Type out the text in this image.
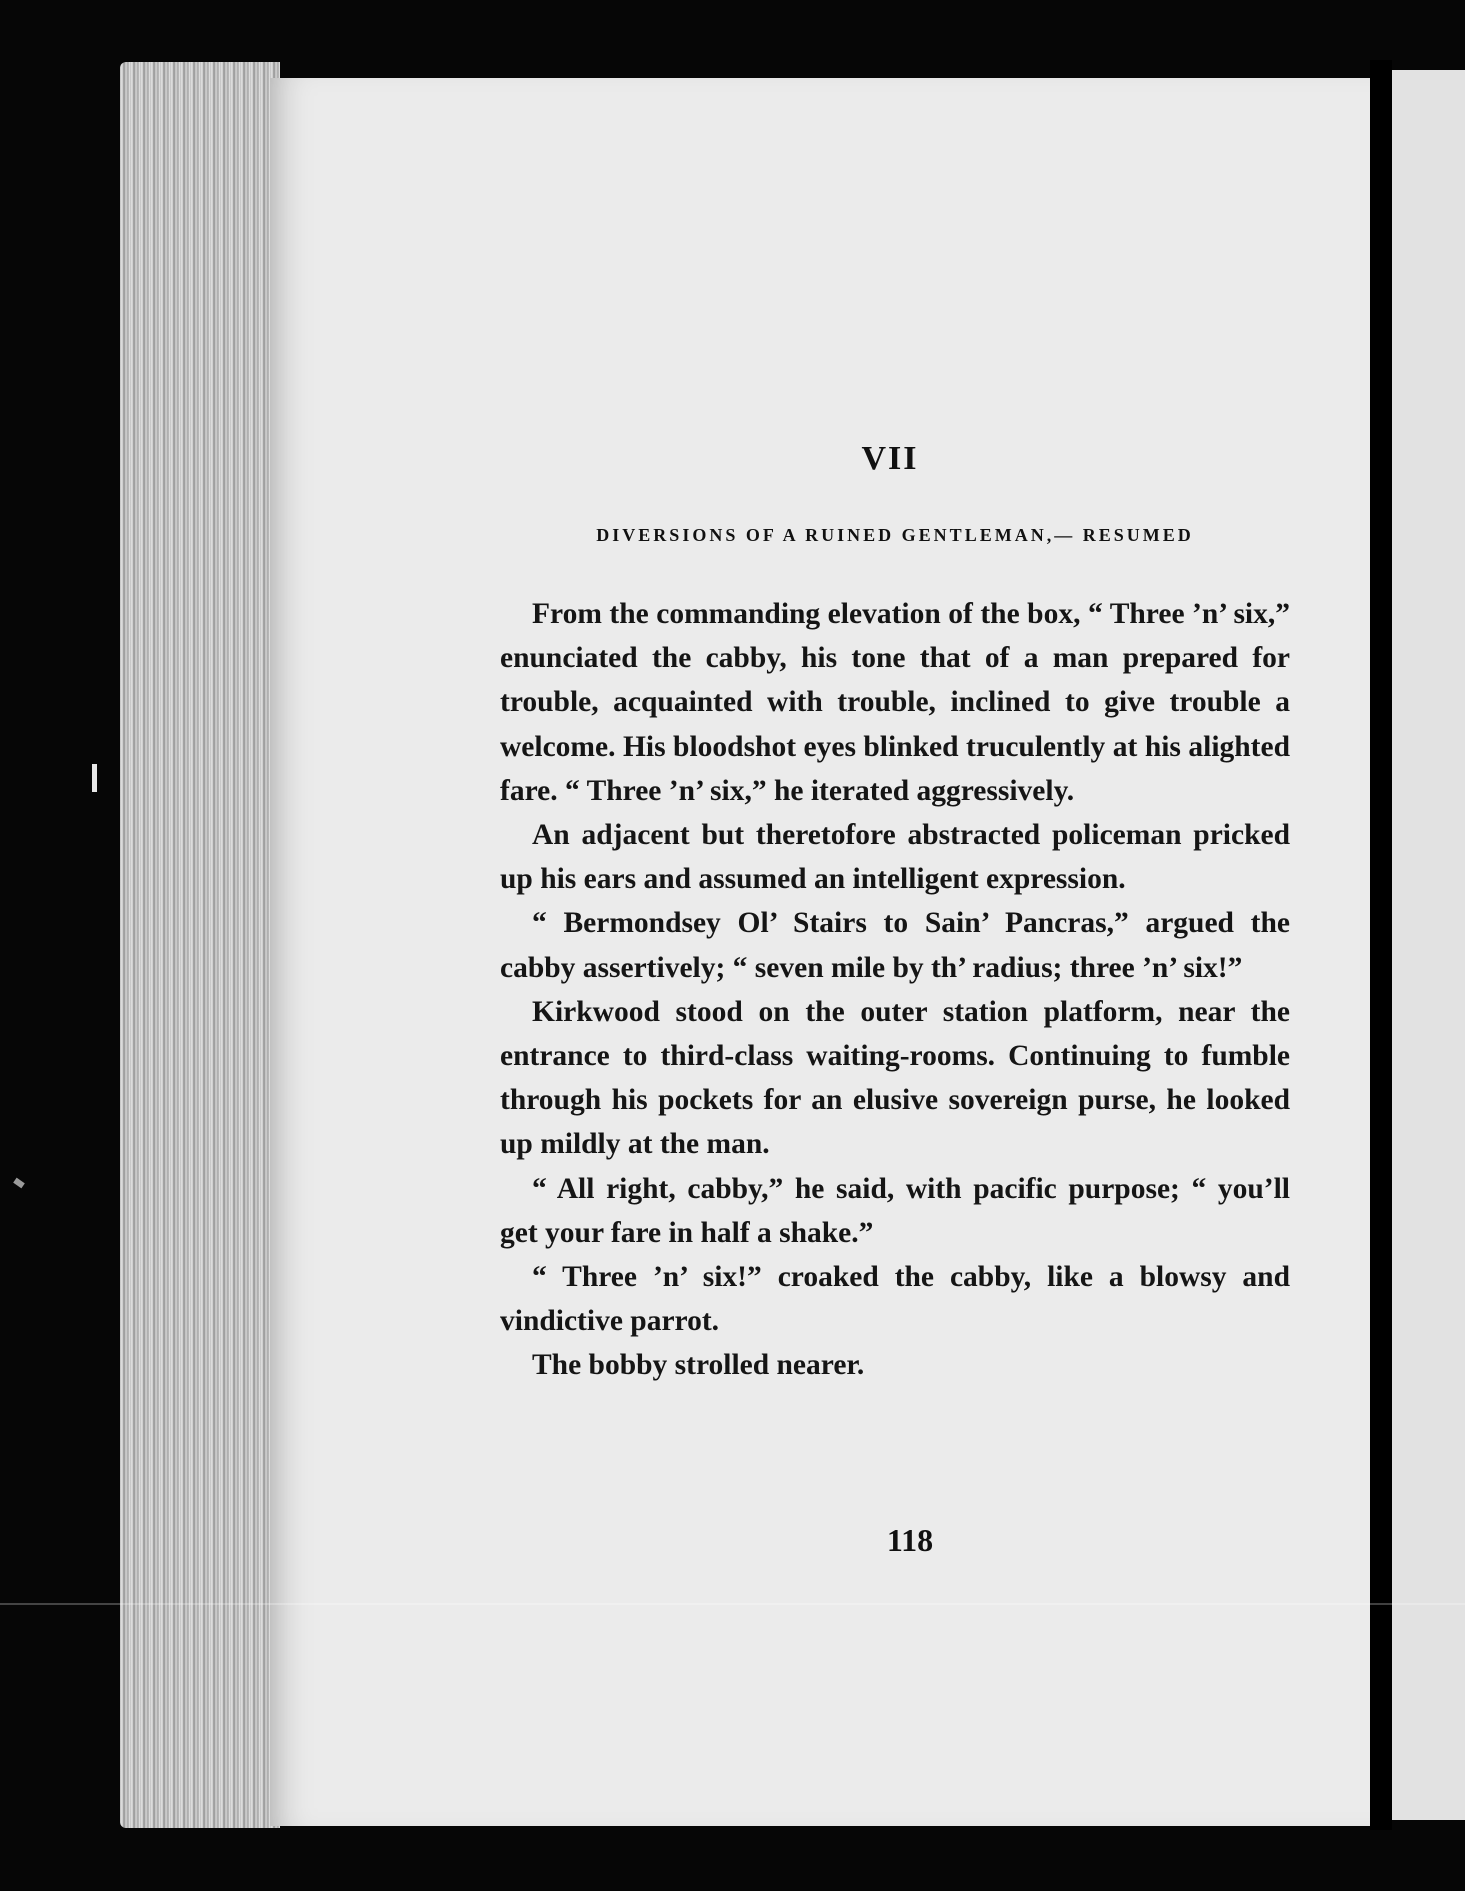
VII
DIVERSIONS OF A RUINED GENTLEMAN,— RESUMED

From the commanding elevation of the box, “ Three ’n’ six,” enunciated the cabby, his tone that of a man prepared for trouble, acquainted with trouble, inclined to give trouble a welcome. His bloodshot eyes blinked truculently at his alighted fare. “ Three ’n’ six,” he iterated aggressively.

An adjacent but theretofore abstracted policeman pricked up his ears and assumed an intelligent expression.

“ Bermondsey Ol’ Stairs to Sain’ Pancras,” argued the cabby assertively; “ seven mile by th’ radius; three ’n’ six!”

Kirkwood stood on the outer station platform, near the entrance to third-class waiting-rooms. Continuing to fumble through his pockets for an elusive sovereign purse, he looked up mildly at the man.

“ All right, cabby,” he said, with pacific purpose; “ you’ll get your fare in half a shake.”

“ Three ’n’ six!” croaked the cabby, like a blowsy and vindictive parrot.

The bobby strolled nearer.

118
